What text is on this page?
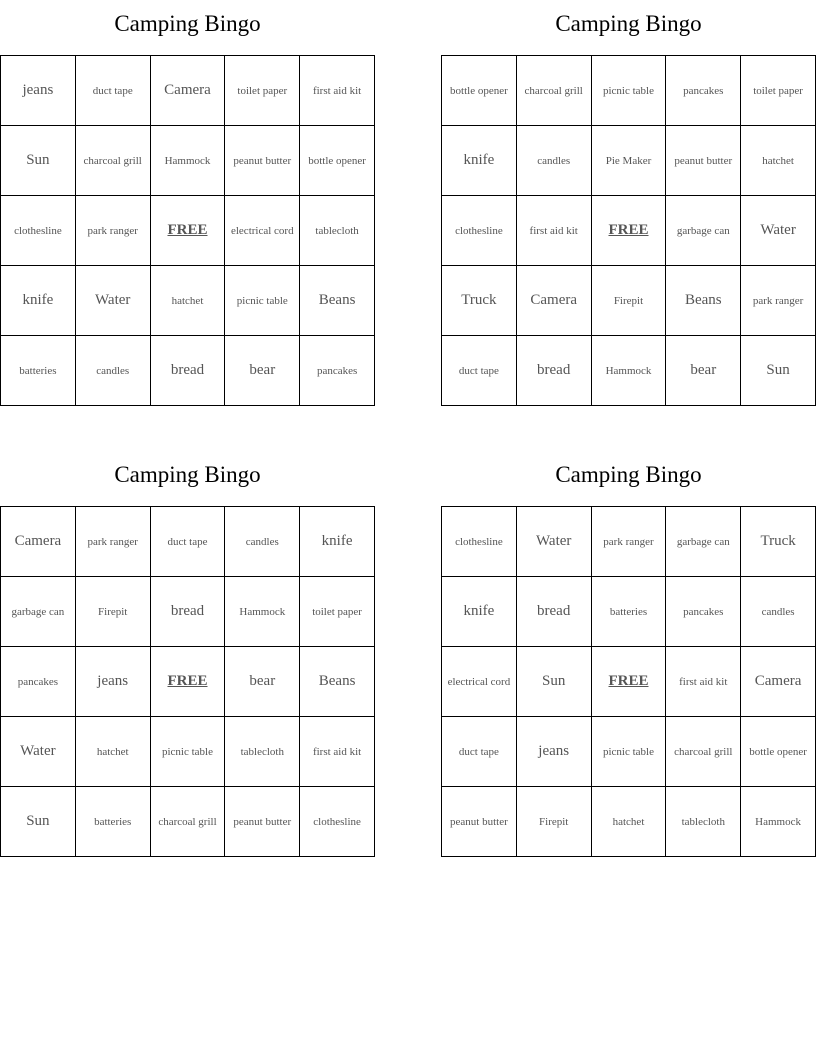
Camping Bingo
jeans	duct tape	Camera	toilet paper	first aid kit
Sun	charcoal grill	Hammock	peanut butter	bottle opener
clothesline	park ranger	FREE	electrical cord	tablecloth
knife	Water	hatchet	picnic table	Beans
batteries	candles	bread	bear	pancakes
Camping Bingo
bottle opener	charcoal grill	picnic table	pancakes	toilet paper
knife	candles	Pie Maker	peanut butter	hatchet
clothesline	first aid kit	FREE	garbage can	Water
Truck	Camera	Firepit	Beans	park ranger
duct tape	bread	Hammock	bear	Sun
Camping Bingo
Camera	park ranger	duct tape	candles	knife
garbage can	Firepit	bread	Hammock	toilet paper
pancakes	jeans	FREE	bear	Beans
Water	hatchet	picnic table	tablecloth	first aid kit
Sun	batteries	charcoal grill	peanut butter	clothesline
Camping Bingo
clothesline	Water	park ranger	garbage can	Truck
knife	bread	batteries	pancakes	candles
electrical cord	Sun	FREE	first aid kit	Camera
duct tape	jeans	picnic table	charcoal grill	bottle opener
peanut butter	Firepit	hatchet	tablecloth	Hammock
